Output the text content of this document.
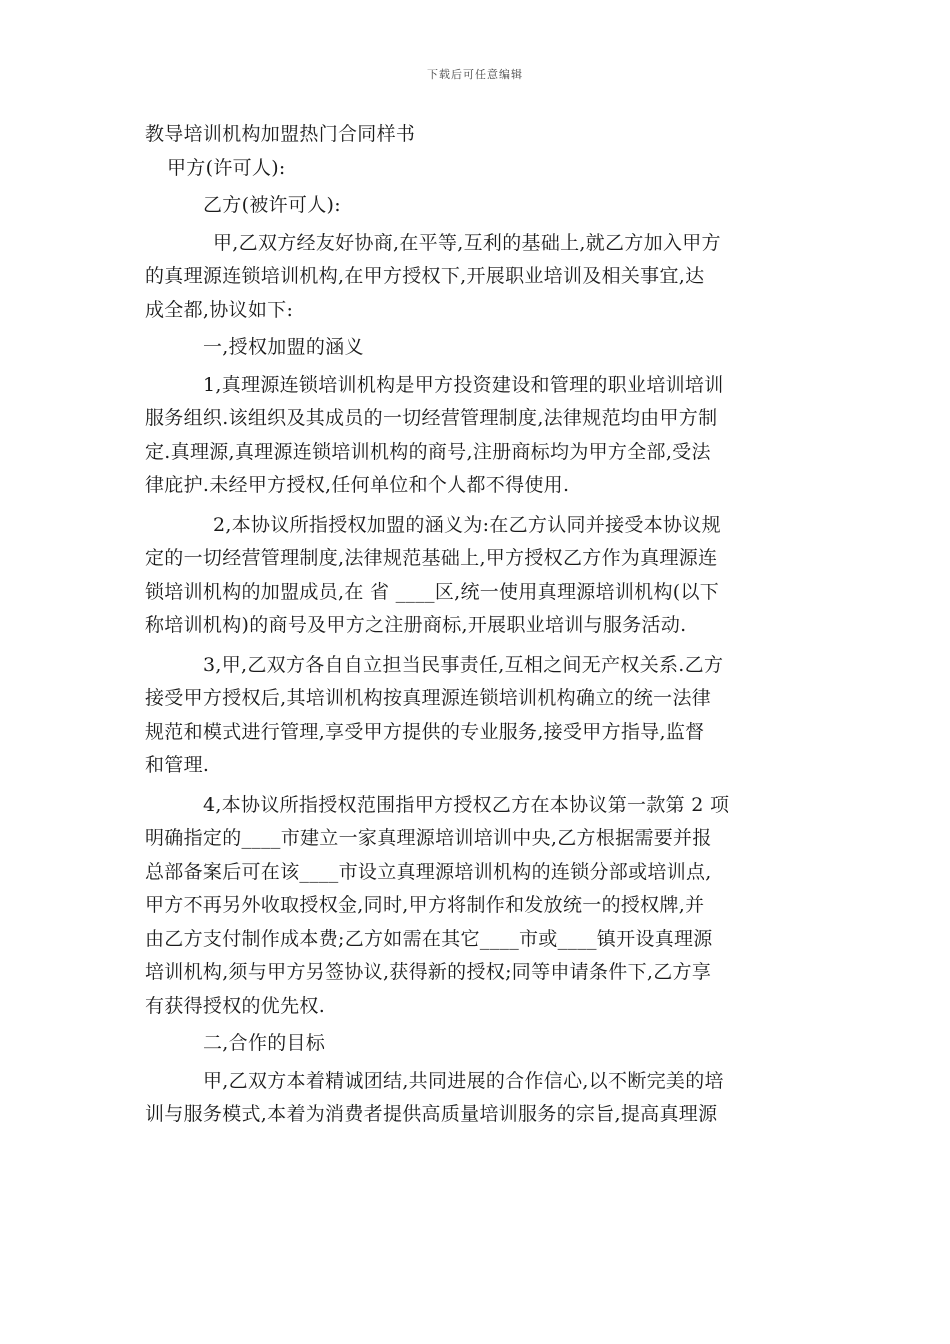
下载后可任意编辑
教导培训机构加盟热门合同样书
甲方(许可人):
乙方(被许可人):
甲,乙双方经友好协商,在平等,互利的基础上,就乙方加入甲方
的真理源连锁培训机构,在甲方授权下,开展职业培训及相关事宜,达
成全都,协议如下:
一,授权加盟的涵义
1,真理源连锁培训机构是甲方投资建设和管理的职业培训培训
服务组织.该组织及其成员的一切经营管理制度,法律规范均由甲方制
定.真理源,真理源连锁培训机构的商号,注册商标均为甲方全部,受法
律庇护.未经甲方授权,任何单位和个人都不得使用.
2,本协议所指授权加盟的涵义为:在乙方认同并接受本协议规
定的一切经营管理制度,法律规范基础上,甲方授权乙方作为真理源连
锁培训机构的加盟成员,在 省 ____区,统一使用真理源培训机构(以下
称培训机构)的商号及甲方之注册商标,开展职业培训与服务活动.
3,甲,乙双方各自自立担当民事责任,互相之间无产权关系.乙方
接受甲方授权后,其培训机构按真理源连锁培训机构确立的统一法律
规范和模式进行管理,享受甲方提供的专业服务,接受甲方指导,监督
和管理.
4,本协议所指授权范围指甲方授权乙方在本协议第一款第 2 项
明确指定的____市建立一家真理源培训培训中央,乙方根据需要并报
总部备案后可在该____市设立真理源培训机构的连锁分部或培训点,
甲方不再另外收取授权金,同时,甲方将制作和发放统一的授权牌,并
由乙方支付制作成本费;乙方如需在其它____市或____镇开设真理源
培训机构,须与甲方另签协议,获得新的授权;同等申请条件下,乙方享
有获得授权的优先权.
二,合作的目标
甲,乙双方本着精诚团结,共同进展的合作信心,以不断完美的培
训与服务模式,本着为消费者提供高质量培训服务的宗旨,提高真理源
